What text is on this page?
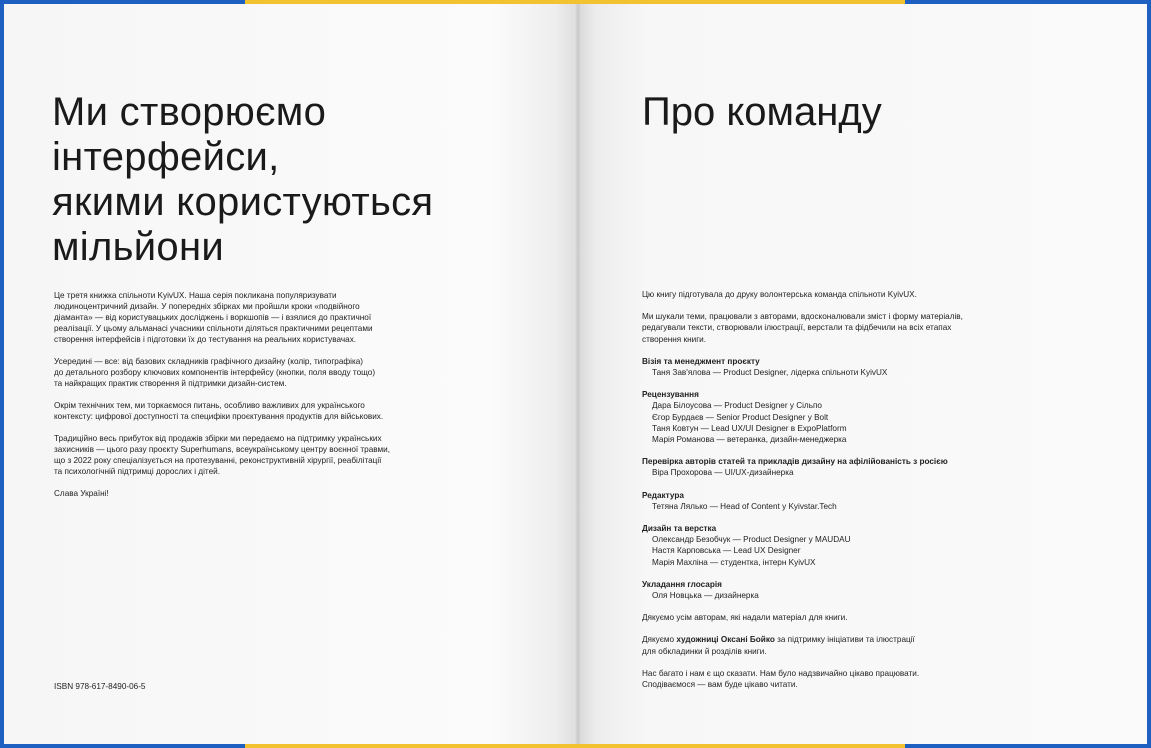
Ми створюємо
інтерфейси,
якими користуються
мільйони

Це третя книжка спільноти KyivUX. Наша серія покликана популяризувати
людиноцентричний дизайн. У попередніх збірках ми пройшли кроки «подвійного
діаманта» — від користувацьких досліджень і воркшопів — і взялися до практичної
реалізації. У цьому альманасі учасники спільноти діляться практичними рецептами
створення інтерфейсів і підготовки їх до тестування на реальних користувачах.

Усередині — все: від базових складників графічного дизайну (колір, типографіка)
до детального розбору ключових компонентів інтерфейсу (кнопки, поля вводу тощо)
та найкращих практик створення й підтримки дизайн-систем.

Окрім технічних тем, ми торкаємося питань, особливо важливих для українського
контексту: цифрової доступності та специфіки проєктування продуктів для військових.

Традиційно весь прибуток від продажів збірки ми передаємо на підтримку українських
захисників — цього разу проєкту Superhumans, всеукраїнському центру воєнної травми,
що з 2022 року спеціалізується на протезуванні, реконструктивній хірургії, реабілітації
та психологічній підтримці дорослих і дітей.

Слава Україні!

ISBN 978-617-8490-06-5
Про команду

Цю книгу підготувала до друку волонтерська команда спільноти KyivUX.

Ми шукали теми, працювали з авторами, вдосконалювали зміст і форму матеріалів,
редагували тексти, створювали ілюстрації, верстали та фідбечили на всіх етапах
створення книги.

Візія та менеджмент проєкту
Таня Зав'ялова — Product Designer, лідерка спільноти KyivUX
Рецензування
Дара Білоусова — Product Designer у Сільпо
Єгор Бурдаєв — Senior Product Designer у Bolt
Таня Ковтун — Lead UX/UI Designer в ExpoPlatform
Марія Романова — ветеранка, дизайн-менеджерка
Перевірка авторів статей та прикладів дизайну на афілійованість з росією
Віра Прохорова — UI/UX-дизайнерка
Редактура
Тетяна Лялько — Head of Content у Kyivstar.Tech
Дизайн та верстка
Олександр Безобчук — Product Designer у MAUDAU
Настя Карповська — Lead UX Designer
Марія Махліна — студентка, інтерн KyivUX
Укладання глосарія
Оля Новцька — дизайнерка

Дякуємо усім авторам, які надали матеріал для книги.

Дякуємо художниці Оксані Бойко за підтримку ініціативи та ілюстрації
для обкладинки й розділів книги.

Нас багато і нам є що сказати. Нам було надзвичайно цікаво працювати.
Сподіваємося — вам буде цікаво читати.
